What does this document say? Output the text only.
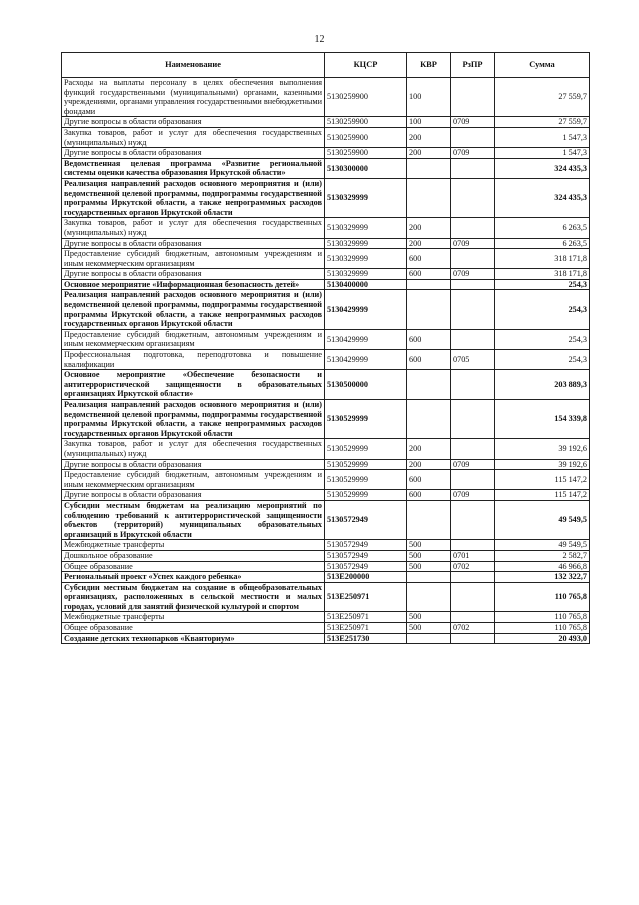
12
Наименование	КЦСР	КВР	РзПР	Сумма
Расходы на выплаты персоналу в целях обеспечения выполнения функций государственными (муниципальными) органами, казенными учреждениями, органами управления государственными внебюджетными фондами	5130259900	100		27 559,7
Другие вопросы в области образования	5130259900	100	0709	27 559,7
Закупка товаров, работ и услуг для обеспечения государственных (муниципальных) нужд	5130259900	200		1 547,3
Другие вопросы в области образования	5130259900	200	0709	1 547,3
Ведомственная целевая программа «Развитие региональной системы оценки качества образования Иркутской области»	5130300000			324 435,3
Реализация направлений расходов основного мероприятия и (или) ведомственной целевой программы, подпрограммы государственной программы Иркутской области, а также непрограммных расходов государственных органов Иркутской области	5130329999			324 435,3
Закупка товаров, работ и услуг для обеспечения государственных (муниципальных) нужд	5130329999	200		6 263,5
Другие вопросы в области образования	5130329999	200	0709	6 263,5
Предоставление субсидий бюджетным, автономным учреждениям и иным некоммерческим организациям	5130329999	600		318 171,8
Другие вопросы в области образования	5130329999	600	0709	318 171,8
Основное мероприятие «Информационная безопасность детей»	5130400000			254,3
Реализация направлений расходов основного мероприятия и (или) ведомственной целевой программы, подпрограммы государственной программы Иркутской области, а также непрограммных расходов государственных органов Иркутской области	5130429999			254,3
Предоставление субсидий бюджетным, автономным учреждениям и иным некоммерческим организациям	5130429999	600		254,3
Профессиональная подготовка, переподготовка и повышение квалификации	5130429999	600	0705	254,3
Основное мероприятие «Обеспечение безопасности и антитеррористической защищенности в образовательных организациях Иркутской области»	5130500000			203 889,3
Реализация направлений расходов основного мероприятия и (или) ведомственной целевой программы, подпрограммы государственной программы Иркутской области, а также непрограммных расходов государственных органов Иркутской области	5130529999			154 339,8
Закупка товаров, работ и услуг для обеспечения государственных (муниципальных) нужд	5130529999	200		39 192,6
Другие вопросы в области образования	5130529999	200	0709	39 192,6
Предоставление субсидий бюджетным, автономным учреждениям и иным некоммерческим организациям	5130529999	600		115 147,2
Другие вопросы в области образования	5130529999	600	0709	115 147,2
Субсидии местным бюджетам на реализацию мероприятий по соблюдению требований к антитеррористической защищенности объектов (территорий) муниципальных образовательных организаций в Иркутской области	5130572949			49 549,5
Межбюджетные трансферты	5130572949	500		49 549,5
Дошкольное образование	5130572949	500	0701	2 582,7
Общее образование	5130572949	500	0702	46 966,8
Региональный проект «Успех каждого ребенка»	513E200000			132 322,7
Субсидии местным бюджетам на создание в общеобразовательных организациях, расположенных в сельской местности и малых городах, условий для занятий физической культурой и спортом	513E250971			110 765,8
Межбюджетные трансферты	513E250971	500		110 765,8
Общее образование	513E250971	500	0702	110 765,8
Создание детских технопарков «Кванториум»	513E251730			20 493,0
